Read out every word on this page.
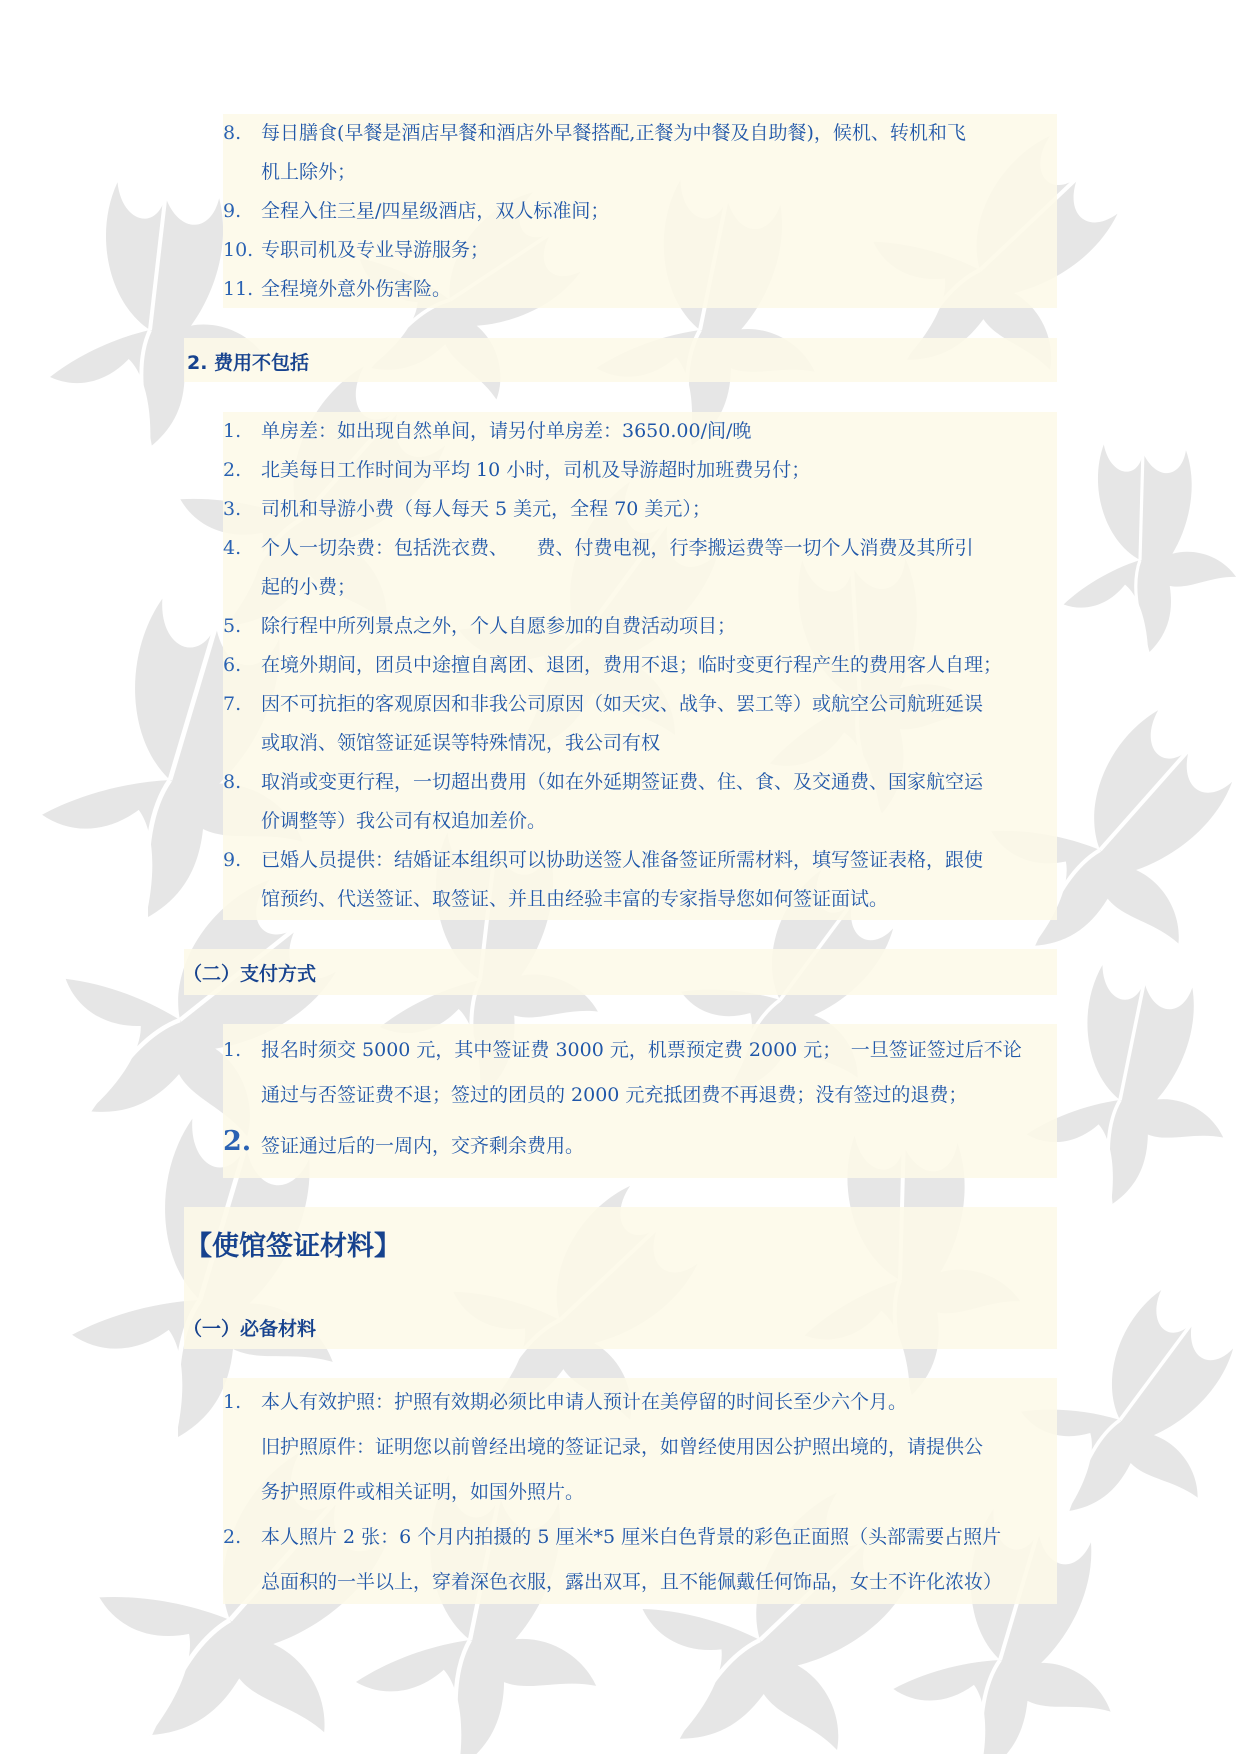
8.	每日膳食(早餐是酒店早餐和酒店外早餐搭配,正餐为中餐及自助餐)，候机、转机和飞
机上除外；
9.	全程入住三星/四星级酒店，双人标准间；
10. 专职司机及专业导游服务；
11. 全程境外意外伤害险。
2. 费用不包括
1.	单房差：如出现自然单间，请另付单房差：3650.00/间/晚
2.	北美每日工作时间为平均 10 小时，司机及导游超时加班费另付；
3.	司机和导游小费（每人每天 5 美元，全程 70 美元）；
4.	个人一切杂费：包括洗衣费、　　费、付费电视，行李搬运费等一切个人消费及其所引
起的小费；
5.	除行程中所列景点之外，个人自愿参加的自费活动项目；
6.	在境外期间，团员中途擅自离团、退团，费用不退；临时变更行程产生的费用客人自理；
7.	因不可抗拒的客观原因和非我公司原因（如天灾、战争、罢工等）或航空公司航班延误
或取消、领馆签证延误等特殊情况，我公司有权
8.	取消或变更行程，一切超出费用（如在外延期签证费、住、食、及交通费、国家航空运
价调整等）我公司有权追加差价。
9.	已婚人员提供：结婚证本组织可以协助送签人准备签证所需材料，填写签证表格，跟使
馆预约、代送签证、取签证、并且由经验丰富的专家指导您如何签证面试。
（二）支付方式
1.	报名时须交 5000 元，其中签证费 3000 元，机票预定费 2000 元；　一旦签证签过后不论
通过与否签证费不退；签过的团员的 2000 元充抵团费不再退费；没有签过的退费；
2. 签证通过后的一周内，交齐剩余费用。
【使馆签证材料】
（一）必备材料
1.	本人有效护照：护照有效期必须比申请人预计在美停留的时间长至少六个月。
旧护照原件：证明您以前曾经出境的签证记录，如曾经使用因公护照出境的，请提供公
务护照原件或相关证明，如国外照片。
2.	本人照片 2 张：6 个月内拍摄的 5 厘米*5 厘米白色背景的彩色正面照（头部需要占照片
总面积的一半以上，穿着深色衣服，露出双耳，且不能佩戴任何饰品，女士不许化浓妆）
